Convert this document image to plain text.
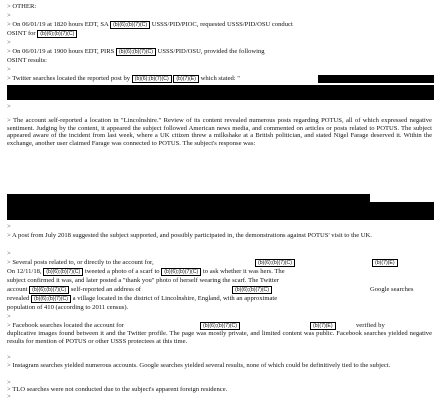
> OTHER:
>
> On 06/01/19 at 1820 hours EDT, SA (b)(6);(b)(7)(C) USSS/PID/PIOC, requested USSS/PID/OSU conduct
OSINT for (b)(6);(b)(7)(C)
>
> On 06/01/19 at 1900 hours EDT, PIRS (b)(6);(b)(7)(C) USSS/PID/OSU, provided the following
OSINT results:
>
> Twitter searches located the reported post by (b)(6);(b)(7)(C) (b)(7)(E) which stated: "
>
> The account self-reported a location in "Lincolnshire." Review of its content revealed numerous posts regarding POTUS, all of which expressed negative sentiment. Judging by the content, it appeared the subject followed American news media, and commented on articles or posts related to POTUS. The subject appeared aware of the incident from last week, where a UK citizen threw a milkshake at a British politician, and stated Nigel Farage deserved it. Within the exchange, another user claimed Farage was connected to POTUS. The subject's response was:
>
> A post from July 2018 suggested the subject supported, and possibly participated in, the demonstrations against POTUS' visit to the UK.
>
> Several posts related to, or directly to the account for,	(b)(6);(b)(7)(C)	(b)(7)(E)
On 12/11/18, (b)(6);(b)(7)(C) tweeted a photo of a scarf to (b)(6);(b)(7)(C) to ask whether it was hers. The
subject confirmed it was, and later posted a "thank you" photo of herself wearing the scarf. The Twitter
account (b)(6);(b)(7)(C) self-reported an address of	(b)(6);(b)(7)(C)	Google searches
revealed (b)(6);(b)(7)(C) a village located in the district of Lincolnshire, England, with an approximate
population of 410 (according to 2011 census).
>
> Facebook searches located the account for	(b)(6);(b)(7)(C)	(b)(7)(E)	verified by
duplicative images found between it and the Twitter profile. The page was mostly private, and limited content was public. Facebook searches yielded negative results for mention of POTUS or other USSS protectees at this time.
>
> Instagram searches yielded numerous accounts. Google searches yielded several results, none of which could be definitively tied to the subject.
>
> TLO searches were not conducted due to the subject's apparent foreign residence.
>
